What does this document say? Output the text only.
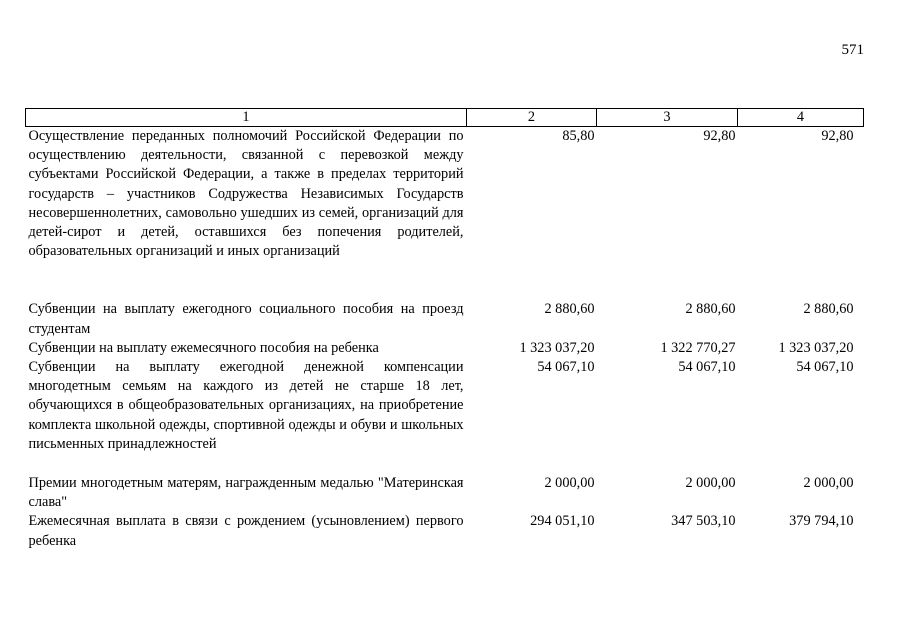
571
1	2	3	4
Осуществление переданных полномочий Российской Федерации по осуществлению деятельности, связанной с перевозкой между субъектами Российской Федерации, а также в пределах территорий государств – участников Содружества Независимых Государств несовершеннолетних, самовольно ушедших из семей, организаций для детей-сирот и детей, оставшихся без попечения родителей, образовательных организаций и иных организаций	85,80	92,80	92,80
Субвенции на выплату ежегодного социального пособия на проезд студентам	2 880,60	2 880,60	2 880,60
Субвенции на выплату ежемесячного пособия на ребенка	1 323 037,20	1 322 770,27	1 323 037,20
Субвенции на выплату ежегодной денежной компенсации многодетным семьям на каждого из детей не старше 18 лет, обучающихся в общеобразовательных организациях, на приобретение комплекта школьной одежды, спортивной одежды и обуви и школьных письменных принадлежностей	54 067,10	54 067,10	54 067,10
Премии многодетным матерям, награжденным медалью "Материнская слава"	2 000,00	2 000,00	2 000,00
Ежемесячная выплата в связи с рождением (усыновлением) первого ребенка	294 051,10	347 503,10	379 794,10
